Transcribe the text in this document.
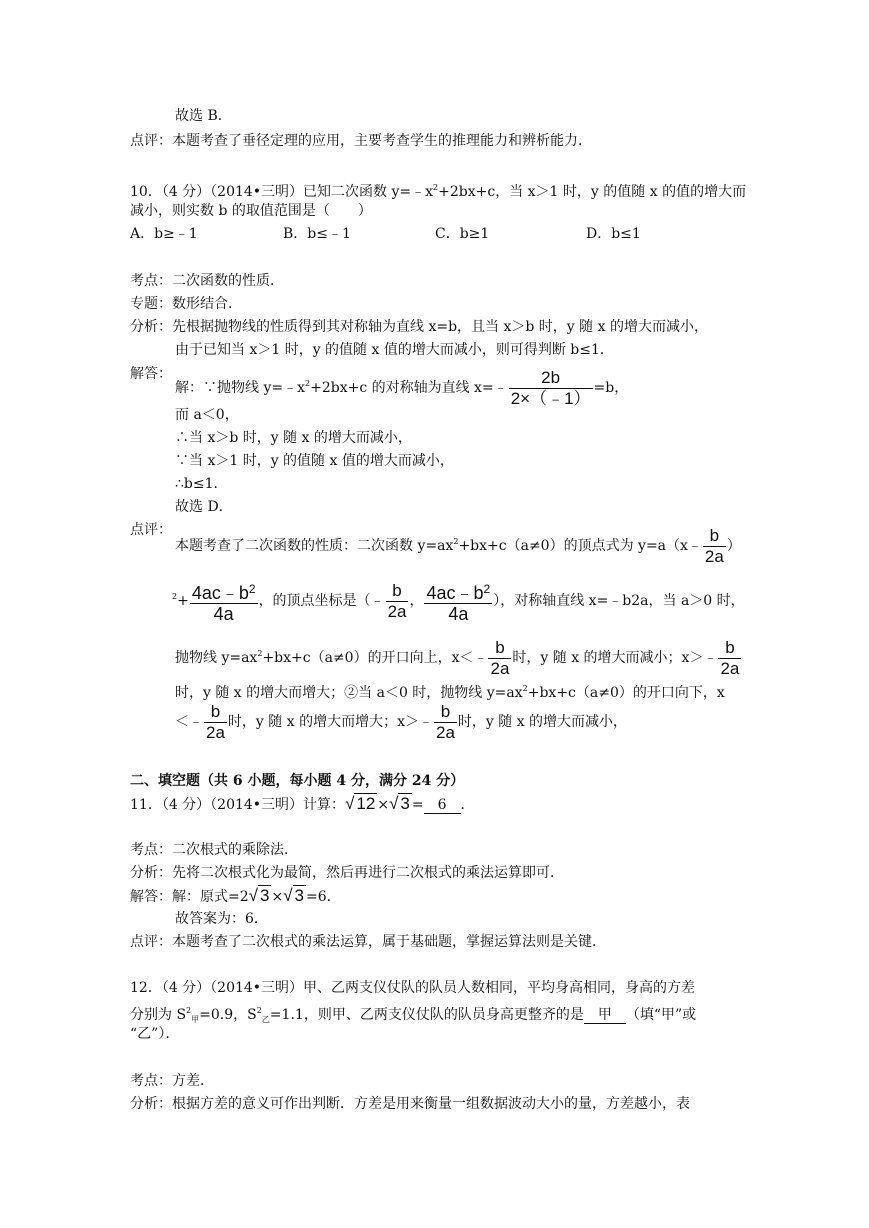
故选 B．
点评：本题考查了垂径定理的应用，主要考查学生的推理能力和辨析能力．
10．（4 分）（2014•三明）已知二次函数 $y=﹣x^2+2bx+c$，当 x＞1 时，y 的值随 x 的值的增大而
减小，则实数 b 的取值范围是（　　）
A．b≥﹣1	B．b≤﹣1	C．b≥1	D．b≤1
考点：二次函数的性质．
专题：数形结合．
分析：先根据抛物线的性质得到其对称轴为直线 x=b，且当 x＞b 时，y 随 x 的增大而减小，
由于已知当 x＞1 时，y 的值随 x 值的增大而减小，则可得判断 b≤1．
解答：
解：∵抛物线 $y=﹣x^2+2bx+c$ 的对称轴为直线 x=﹣ $\frac{2b}{2\times(﹣1)} =b$，
而 a＜0，
∴当 x＞b 时，y 随 x 的增大而减小，
∵当 x＞1 时，y 的值随 x 值的增大而减小，
∴b≤1．
故选 D．
点评：
本题考查了二次函数的性质：二次函数 $y=ax^2+bx+c(a\ne 0)$的顶点式为 y=a（x﹣ $\frac{b}{2a}$ ）
$^2+ \frac{4ac﹣b^2}{4a}$ ，的顶点坐标是（﹣ $\frac{b}{2a}$ ， $\frac{4ac﹣b^2}{4a}$ ），对称轴直线 x=﹣b2a，当 a＞0 时，
抛物线 $y=ax^2+bx+c(a\ne 0)$的开口向上，x＜﹣ $\frac{b}{2a}$ 时，y 随 x 的增大而减小；x＞﹣ $\frac{b}{2a}$
时，y 随 x 的增大而增大；②当 a＜0 时，抛物线 $y=ax^2+bx+c(a\ne 0)$的开口向下，x
＜﹣ $\frac{b}{2a}$ 时，y 随 x 的增大而增大；x＞﹣ $\frac{b}{2a}$ 时，y 随 x 的增大而减小，
二、填空题（共 6 小题，每小题 4 分，满分 24 分）
11．（4 分）（2014•三明）计算：√ 12 ×√ 3 = 6 ．
考点：二次根式的乘除法．
分析：先将二次根式化为最简，然后再进行二次根式的乘法运算即可．
解答：解：原式=2√ 3 ×√ 3 =6．
故答案为：6．
点评：本题考查了二次根式的乘法运算，属于基础题，掌握运算法则是关键．
12．（4 分）（2014•三明）甲、乙两支仪仗队的队员人数相同，平均身高相同，身高的方差
分别为 $S^2_甲=0.9$，$S^2_乙=1.1$，则甲、乙两支仪仗队的队员身高更整齐的是 甲 （填“甲”或
“乙”）．
考点：方差．
分析：根据方差的意义可作出判断．方差是用来衡量一组数据波动大小的量，方差越小，表
